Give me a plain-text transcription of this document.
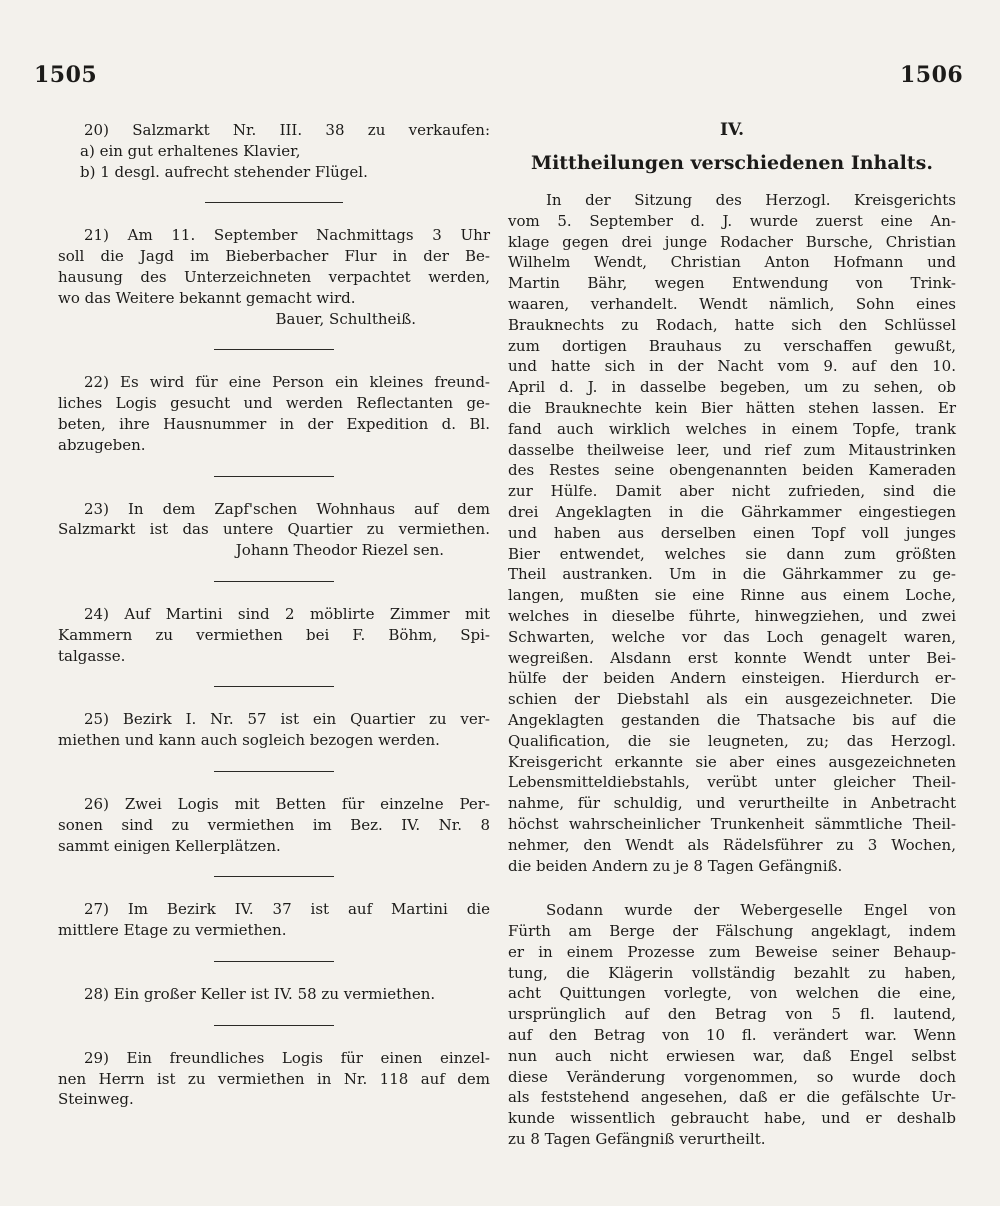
1505	1506
20) Salzmarkt Nr. III. 38 zu verkaufen:
a) ein gut erhaltenes Klavier,
b) 1 desgl. aufrecht stehender Flügel.
21) Am 11. September Nachmittags 3 Uhr
soll die Jagd im Bieberbacher Flur in der Be-
hausung des Unterzeichneten verpachtet werden,
wo das Weitere bekannt gemacht wird.
Bauer, Schultheiß.
22) Es wird für eine Person ein kleines freund-
liches Logis gesucht und werden Reflectanten ge-
beten, ihre Hausnummer in der Expedition d. Bl.
abzugeben.
23) In dem Zapf'schen Wohnhaus auf dem
Salzmarkt ist das untere Quartier zu vermiethen.
Johann Theodor Riezel sen.
24) Auf Martini sind 2 möblirte Zimmer mit
Kammern zu vermiethen bei F. Böhm, Spi-
talgasse.
25) Bezirk I. Nr. 57 ist ein Quartier zu ver-
miethen und kann auch sogleich bezogen werden.
26) Zwei Logis mit Betten für einzelne Per-
sonen sind zu vermiethen im Bez. IV. Nr. 8
sammt einigen Kellerplätzen.
27) Im Bezirk IV. 37 ist auf Martini die
mittlere Etage zu vermiethen.
28) Ein großer Keller ist IV. 58 zu vermiethen.
29) Ein freundliches Logis für einen einzel-
nen Herrn ist zu vermiethen in Nr. 118 auf dem
Steinweg.
IV.
Mittheilungen verschiedenen Inhalts.
In der Sitzung des Herzogl. Kreisgerichts
vom 5. September d. J. wurde zuerst eine An-
klage gegen drei junge Rodacher Bursche, Christian
Wilhelm Wendt, Christian Anton Hofmann und
Martin Bähr, wegen Entwendung von Trink-
waaren, verhandelt. Wendt nämlich, Sohn eines
Brauknechts zu Rodach, hatte sich den Schlüssel
zum dortigen Brauhaus zu verschaffen gewußt,
und hatte sich in der Nacht vom 9. auf den 10.
April d. J. in dasselbe begeben, um zu sehen, ob
die Brauknechte kein Bier hätten stehen lassen. Er
fand auch wirklich welches in einem Topfe, trank
dasselbe theilweise leer, und rief zum Mitaustrinken
des Restes seine obengenannten beiden Kameraden
zur Hülfe. Damit aber nicht zufrieden, sind die
drei Angeklagten in die Gährkammer eingestiegen
und haben aus derselben einen Topf voll junges
Bier entwendet, welches sie dann zum größten
Theil austranken. Um in die Gährkammer zu ge-
langen, mußten sie eine Rinne aus einem Loche,
welches in dieselbe führte, hinwegziehen, und zwei
Schwarten, welche vor das Loch genagelt waren,
wegreißen. Alsdann erst konnte Wendt unter Bei-
hülfe der beiden Andern einsteigen. Hierdurch er-
schien der Diebstahl als ein ausgezeichneter. Die
Angeklagten gestanden die Thatsache bis auf die
Qualification, die sie leugneten, zu; das Herzogl.
Kreisgericht erkannte sie aber eines ausgezeichneten
Lebensmitteldiebstahls, verübt unter gleicher Theil-
nahme, für schuldig, und verurtheilte in Anbetracht
höchst wahrscheinlicher Trunkenheit sämmtliche Theil-
nehmer, den Wendt als Rädelsführer zu 3 Wochen,
die beiden Andern zu je 8 Tagen Gefängniß.
Sodann wurde der Webergeselle Engel von
Fürth am Berge der Fälschung angeklagt, indem
er in einem Prozesse zum Beweise seiner Behaup-
tung, die Klägerin vollständig bezahlt zu haben,
acht Quittungen vorlegte, von welchen die eine,
ursprünglich auf den Betrag von 5 fl. lautend,
auf den Betrag von 10 fl. verändert war. Wenn
nun auch nicht erwiesen war, daß Engel selbst
diese Veränderung vorgenommen, so wurde doch
als feststehend angesehen, daß er die gefälschte Ur-
kunde wissentlich gebraucht habe, und er deshalb
zu 8 Tagen Gefängniß verurtheilt.
